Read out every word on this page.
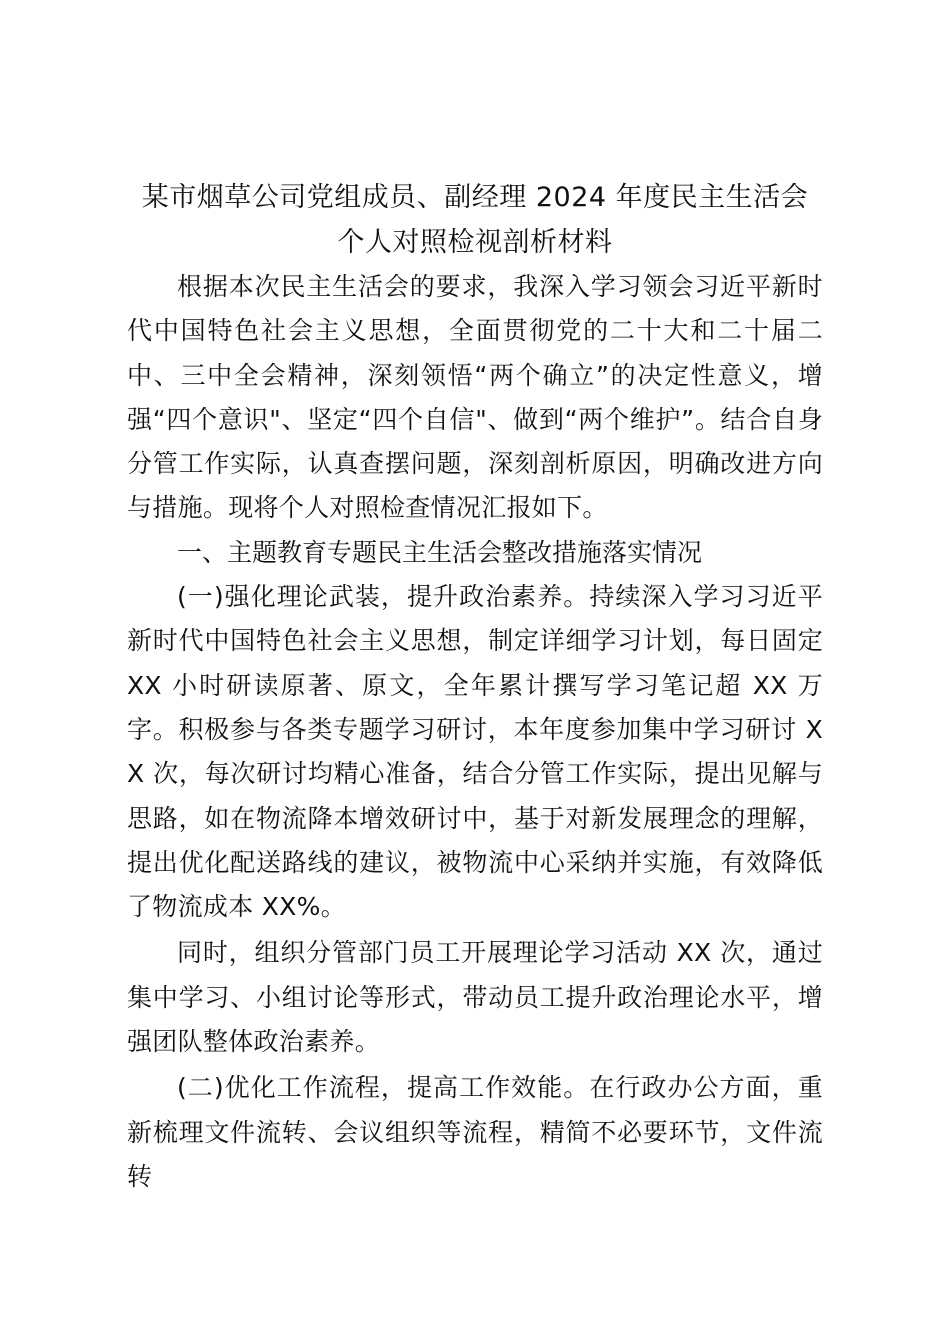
某市烟草公司党组成员、副经理 2024 年度民主生活会
个人对照检视剖析材料

根据本次民主生活会的要求，我深入学习领会习近平新时代中国特色社会主义思想，全面贯彻党的二十大和二十届二中、三中全会精神，深刻领悟“两个确立”的决定性意义，增强“四个意识"、坚定“四个自信"、做到“两个维护”。结合自身分管工作实际，认真查摆问题，深刻剖析原因，明确改进方向与措施。现将个人对照检查情况汇报如下。

一、主题教育专题民主生活会整改措施落实情况

(一)强化理论武装，提升政治素养。持续深入学习习近平新时代中国特色社会主义思想，制定详细学习计划，每日固定 XX 小时研读原著、原文，全年累计撰写学习笔记超 XX 万字。积极参与各类专题学习研讨，本年度参加集中学习研讨 XX 次，每次研讨均精心准备，结合分管工作实际，提出见解与思路，如在物流降本增效研讨中，基于对新发展理念的理解，提出优化配送路线的建议，被物流中心采纳并实施，有效降低了物流成本 XX%。

同时，组织分管部门员工开展理论学习活动 XX 次，通过集中学习、小组讨论等形式，带动员工提升政治理论水平，增强团队整体政治素养。

(二)优化工作流程，提高工作效能。在行政办公方面，重新梳理文件流转、会议组织等流程，精简不必要环节，文件流转
